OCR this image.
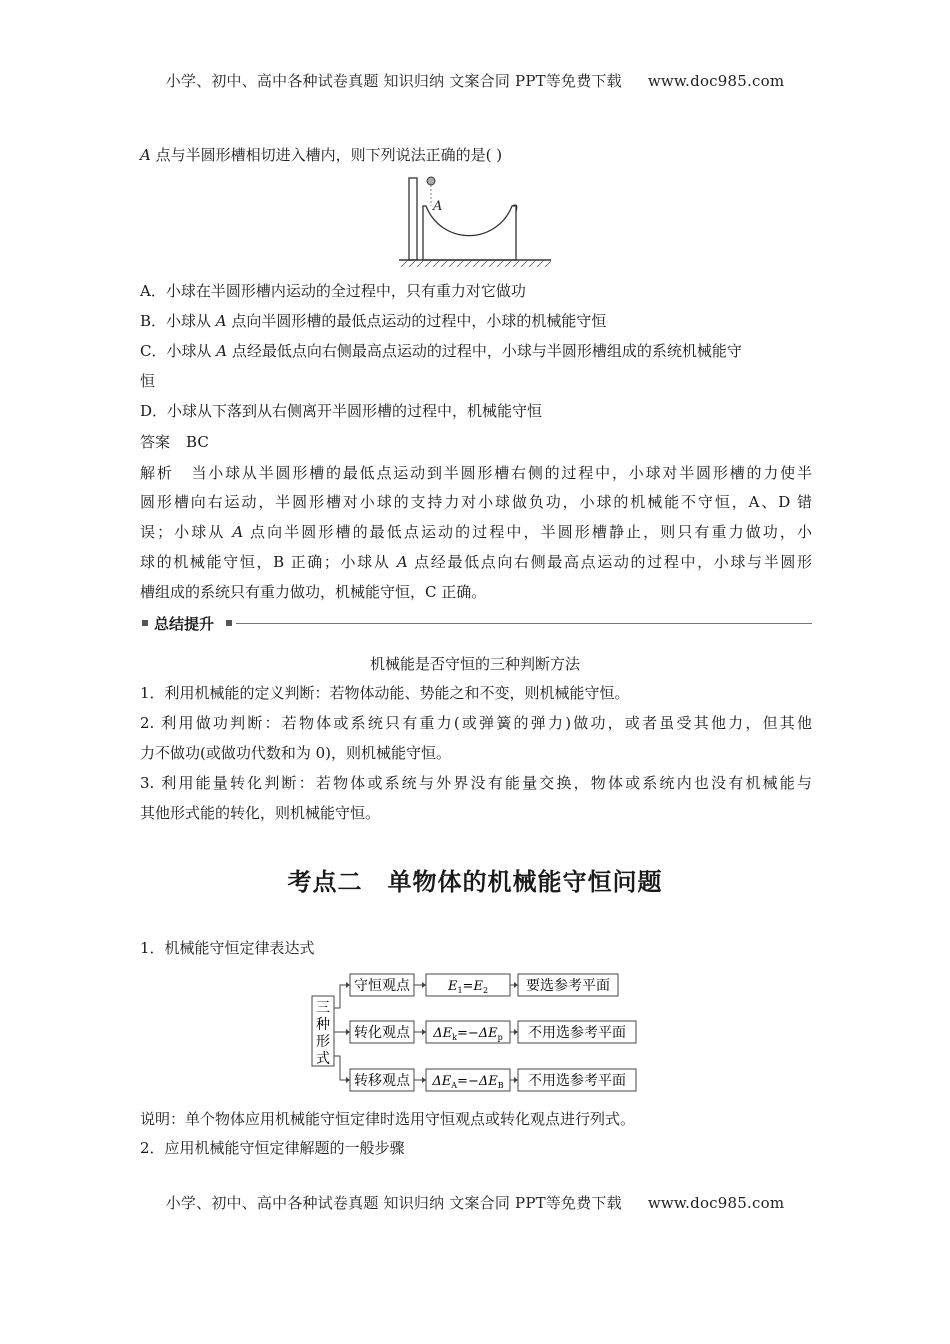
小学、初中、高中各种试卷真题 知识归纳 文案合同 PPT等免费下载 www.doc985.com
A 点与半圆形槽相切进入槽内，则下列说法正确的是( )
A
A．小球在半圆形槽内运动的全过程中，只有重力对它做功
B．小球从 A 点向半圆形槽的最低点运动的过程中，小球的机械能守恒
C．小球从 A 点经最低点向右侧最高点运动的过程中，小球与半圆形槽组成的系统机械能守
恒
D．小球从下落到从右侧离开半圆形槽的过程中，机械能守恒
答案 BC
解析 当小球从半圆形槽的最低点运动到半圆形槽右侧的过程中，小球对半圆形槽的力使半
圆形槽向右运动，半圆形槽对小球的支持力对小球做负功，小球的机械能不守恒，A、D 错
误；小球从 A 点向半圆形槽的最低点运动的过程中，半圆形槽静止，则只有重力做功，小
球的机械能守恒，B 正确；小球从 A 点经最低点向右侧最高点运动的过程中，小球与半圆形
槽组成的系统只有重力做功，机械能守恒，C 正确。
总结提升
机械能是否守恒的三种判断方法
1．利用机械能的定义判断：若物体动能、势能之和不变，则机械能守恒。
2. 利用做功判断：若物体或系统只有重力(或弹簧的弹力)做功，或者虽受其他力，但其他
力不做功(或做功代数和为 0)，则机械能守恒。
3. 利用能量转化判断：若物体或系统与外界没有能量交换，物体或系统内也没有机械能与
其他形式能的转化，则机械能守恒。
考点二　单物体的机械能守恒问题
1．机械能守恒定律表达式
三
种
形
式
守恒观点	$E_1=E_2$	要选参考平面
转化观点 $\Delta E_k=-\Delta E_p$ 不用选参考平面
转移观点 $\Delta E_A=-\Delta E_B$ 不用选参考平面
说明：单个物体应用机械能守恒定律时选用守恒观点或转化观点进行列式。
2．应用机械能守恒定律解题的一般步骤
小学、初中、高中各种试卷真题 知识归纳 文案合同 PPT等免费下载 www.doc985.com
